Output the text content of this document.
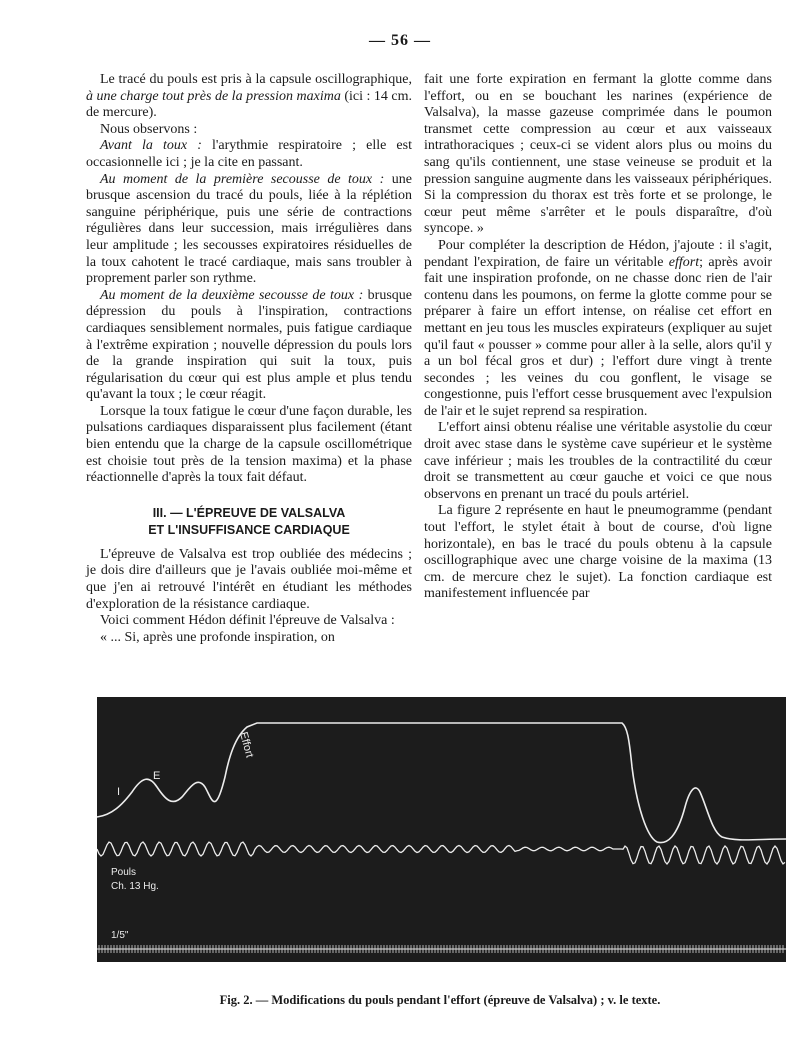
— 56 —

Le tracé du pouls est pris à la capsule oscillographique, à une charge tout près de la pression maxima (ici : 14 cm. de mercure).

Nous observons :

Avant la toux : l'arythmie respiratoire ; elle est occasionnelle ici ; je la cite en passant.

Au moment de la première secousse de toux : une brusque ascension du tracé du pouls, liée à la réplétion sanguine périphérique, puis une série de contractions régulières dans leur succession, mais irrégulières dans leur amplitude ; les secousses expiratoires résiduelles de la toux cahotent le tracé cardiaque, mais sans troubler à proprement parler son rythme.

Au moment de la deuxième secousse de toux : brusque dépression du pouls à l'inspiration, contractions cardiaques sensiblement normales, puis fatigue cardiaque à l'extrême expiration ; nouvelle dépression du pouls lors de la grande inspiration qui suit la toux, puis régularisation du cœur qui est plus ample et plus tendu qu'avant la toux ; le cœur réagit.

Lorsque la toux fatigue le cœur d'une façon durable, les pulsations cardiaques disparaissent plus facilement (étant bien entendu que la charge de la capsule oscillométrique est choisie tout près de la tension maxima) et la phase réactionnelle d'après la toux fait défaut.

III. — L'ÉPREUVE DE VALSALVA
ET L'INSUFFISANCE CARDIAQUE

L'épreuve de Valsalva est trop oubliée des médecins ; je dois dire d'ailleurs que je l'avais oubliée moi-même et que j'en ai retrouvé l'intérêt en étudiant les méthodes d'exploration de la résistance cardiaque.

Voici comment Hédon définit l'épreuve de Valsalva :

« ... Si, après une profonde inspiration, on

fait une forte expiration en fermant la glotte comme dans l'effort, ou en se bouchant les narines (expérience de Valsalva), la masse gazeuse comprimée dans le poumon transmet cette compression au cœur et aux vaisseaux intrathoraciques ; ceux-ci se vident alors plus ou moins du sang qu'ils contiennent, une stase veineuse se produit et la pression sanguine augmente dans les vaisseaux périphériques. Si la compression du thorax est très forte et se prolonge, le cœur peut même s'arrêter et le pouls disparaître, d'où syncope. »

Pour compléter la description de Hédon, j'ajoute : il s'agit, pendant l'expiration, de faire un véritable effort; après avoir fait une inspiration profonde, on ne chasse donc rien de l'air contenu dans les poumons, on ferme la glotte comme pour se préparer à faire un effort intense, on réalise cet effort en mettant en jeu tous les muscles expirateurs (expliquer au sujet qu'il faut « pousser » comme pour aller à la selle, alors qu'il y a un bol fécal gros et dur) ; l'effort dure vingt à trente secondes ; les veines du cou gonflent, le visage se congestionne, puis l'effort cesse brusquement avec l'expulsion de l'air et le sujet reprend sa respiration.

L'effort ainsi obtenu réalise une véritable asystolie du cœur droit avec stase dans le système cave supérieur et le système cave inférieur ; mais les troubles de la contractilité du cœur droit se transmettent au cœur gauche et voici ce que nous observons en prenant un tracé du pouls artériel.

La figure 2 représente en haut le pneumogramme (pendant tout l'effort, le stylet était à bout de course, d'où ligne horizontale), en bas le tracé du pouls obtenu à la capsule oscillographique avec une charge voisine de la maxima (13 cm. de mercure chez le sujet). La fonction cardiaque est manifestement influencée par

I
E
Effort
Pouls
Ch. 13 Hg.
1/5"
Fig. 2. — Modifications du pouls pendant l'effort (épreuve de Valsalva) ; v. le texte.
